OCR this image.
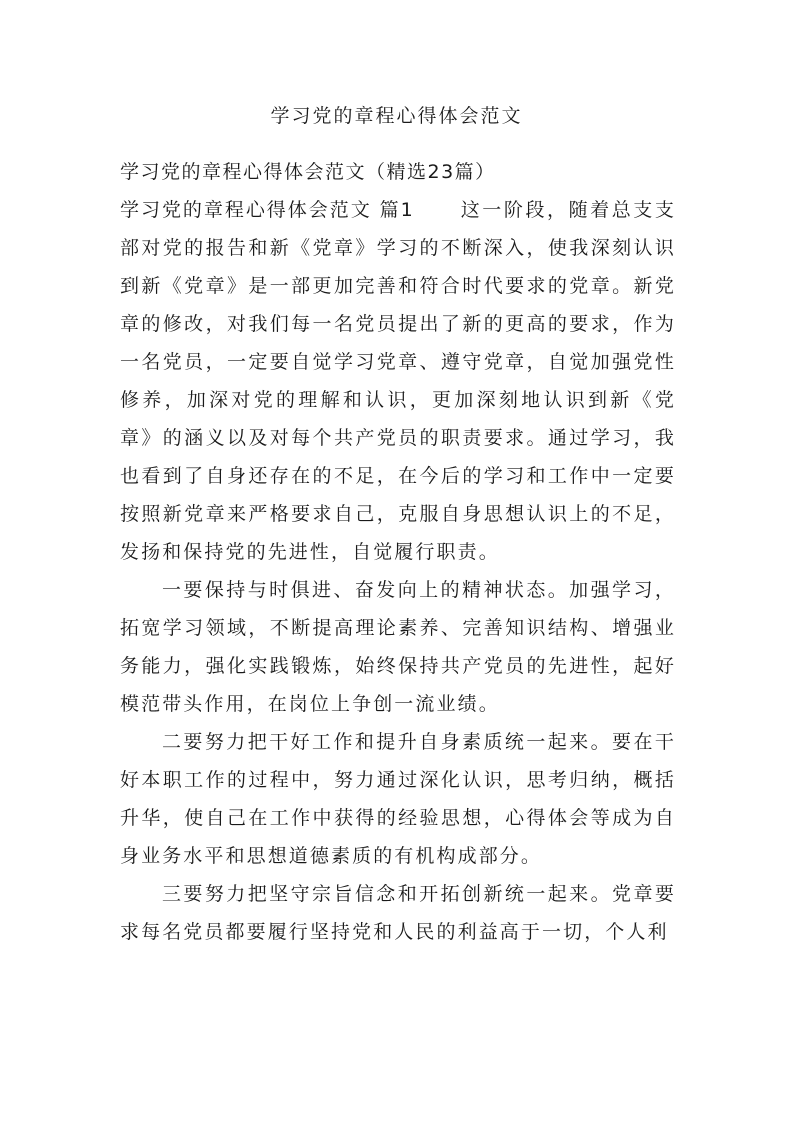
学习党的章程心得体会范文

学习党的章程心得体会范文（精选23篇）

学习党的章程心得体会范文 篇1 这一阶段，随着总支支部对党的报告和新《党章》学习的不断深入，使我深刻认识到新《党章》是一部更加完善和符合时代要求的党章。新党章的修改，对我们每一名党员提出了新的更高的要求，作为一名党员，一定要自觉学习党章、遵守党章，自觉加强党性修养，加深对党的理解和认识，更加深刻地认识到新《党章》的涵义以及对每个共产党员的职责要求。通过学习，我也看到了自身还存在的不足，在今后的学习和工作中一定要按照新党章来严格要求自己，克服自身思想认识上的不足，发扬和保持党的先进性，自觉履行职责。

一要保持与时俱进、奋发向上的精神状态。加强学习，拓宽学习领域，不断提高理论素养、完善知识结构、增强业务能力，强化实践锻炼，始终保持共产党员的先进性，起好模范带头作用，在岗位上争创一流业绩。

二要努力把干好工作和提升自身素质统一起来。要在干好本职工作的过程中，努力通过深化认识，思考归纳，概括升华，使自己在工作中获得的经验思想，心得体会等成为自身业务水平和思想道德素质的有机构成部分。

三要努力把坚守宗旨信念和开拓创新统一起来。党章要求每名党员都要履行坚持党和人民的利益高于一切，个人利
